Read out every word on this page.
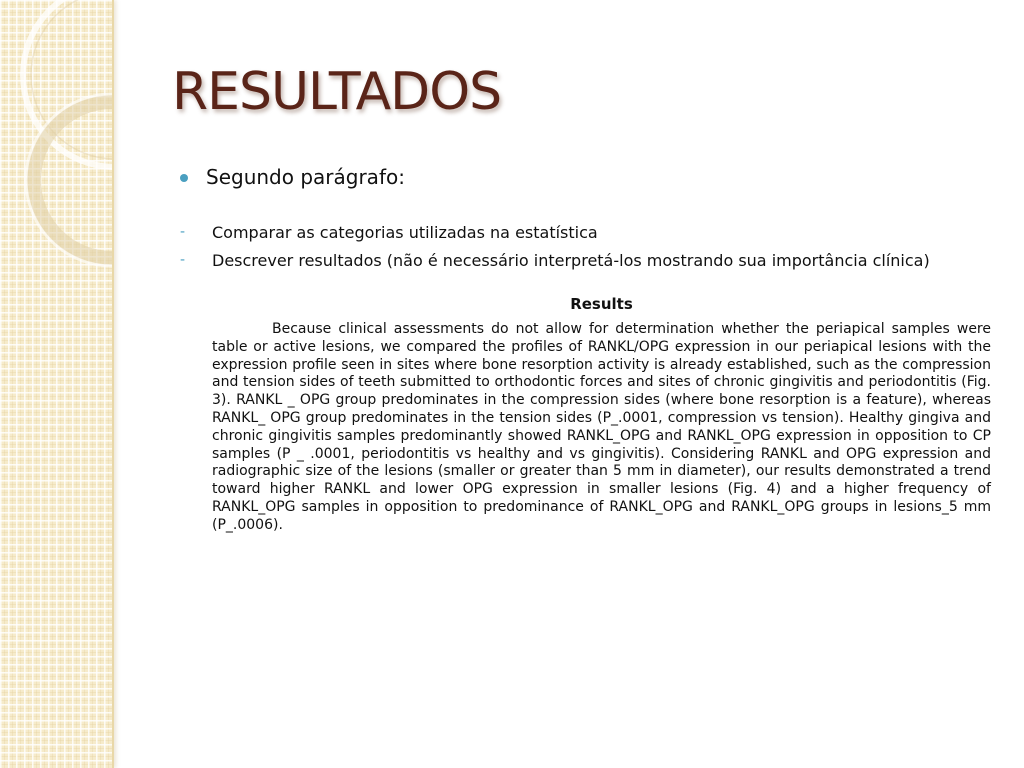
RESULTADOS
Segundo parágrafo:
-	Comparar as categorias utilizadas na estatística
-	Descrever resultados (não é necessário interpretá-los mostrando sua importância clínica)
Results

Because clinical assessments do not allow for determination whether the periapical samples were table or active lesions, we compared the profiles of RANKL/OPG expression in our periapical lesions with the expression profile seen in sites where bone resorption activity is already established, such as the compression and tension sides of teeth submitted to orthodontic forces and sites of chronic gingivitis and periodontitis (Fig. 3). RANKL _ OPG group predominates in the compression sides (where bone resorption is a feature), whereas RANKL_ OPG group predominates in the tension sides (P_.0001, compression vs tension). Healthy gingiva and chronic gingivitis samples predominantly showed RANKL_OPG and RANKL_OPG expression in opposition to CP samples (P _ .0001, periodontitis vs healthy and vs gingivitis). Considering RANKL and OPG expression and radiographic size of the lesions (smaller or greater than 5 mm in diameter), our results demonstrated a trend toward higher RANKL and lower OPG expression in smaller lesions (Fig. 4) and a higher frequency of RANKL_OPG samples in opposition to predominance of RANKL_OPG and RANKL_OPG groups in lesions_5 mm (P_.0006).
